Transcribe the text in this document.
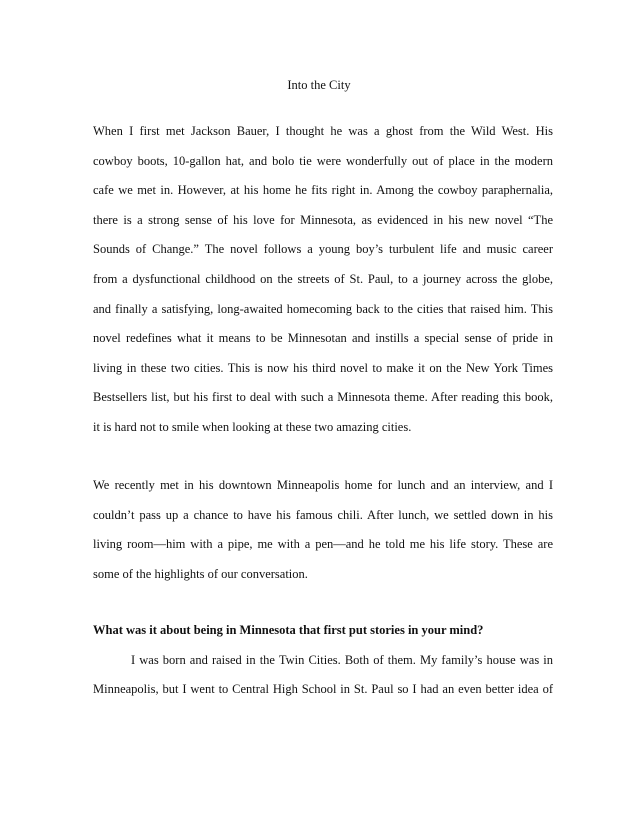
Into the City
When I first met Jackson Bauer, I thought he was a ghost from the Wild West. His
cowboy boots, 10-gallon hat, and bolo tie were wonderfully out of place in the modern
cafe we met in. However, at his home he fits right in. Among the cowboy paraphernalia,
there is a strong sense of his love for Minnesota, as evidenced in his new novel “The
Sounds of Change.” The novel follows a young boy’s turbulent life and music career
from a dysfunctional childhood on the streets of St. Paul, to a journey across the globe,
and finally a satisfying, long-awaited homecoming back to the cities that raised him. This
novel redefines what it means to be Minnesotan and instills a special sense of pride in
living in these two cities. This is now his third novel to make it on the New York Times
Bestsellers list, but his first to deal with such a Minnesota theme. After reading this book,
it is hard not to smile when looking at these two amazing cities.
We recently met in his downtown Minneapolis home for lunch and an interview, and I
couldn’t pass up a chance to have his famous chili. After lunch, we settled down in his
living room—him with a pipe, me with a pen—and he told me his life story. These are
some of the highlights of our conversation.
What was it about being in Minnesota that first put stories in your mind?
I was born and raised in the Twin Cities. Both of them. My family’s house was in
Minneapolis, but I went to Central High School in St. Paul so I had an even better idea of
